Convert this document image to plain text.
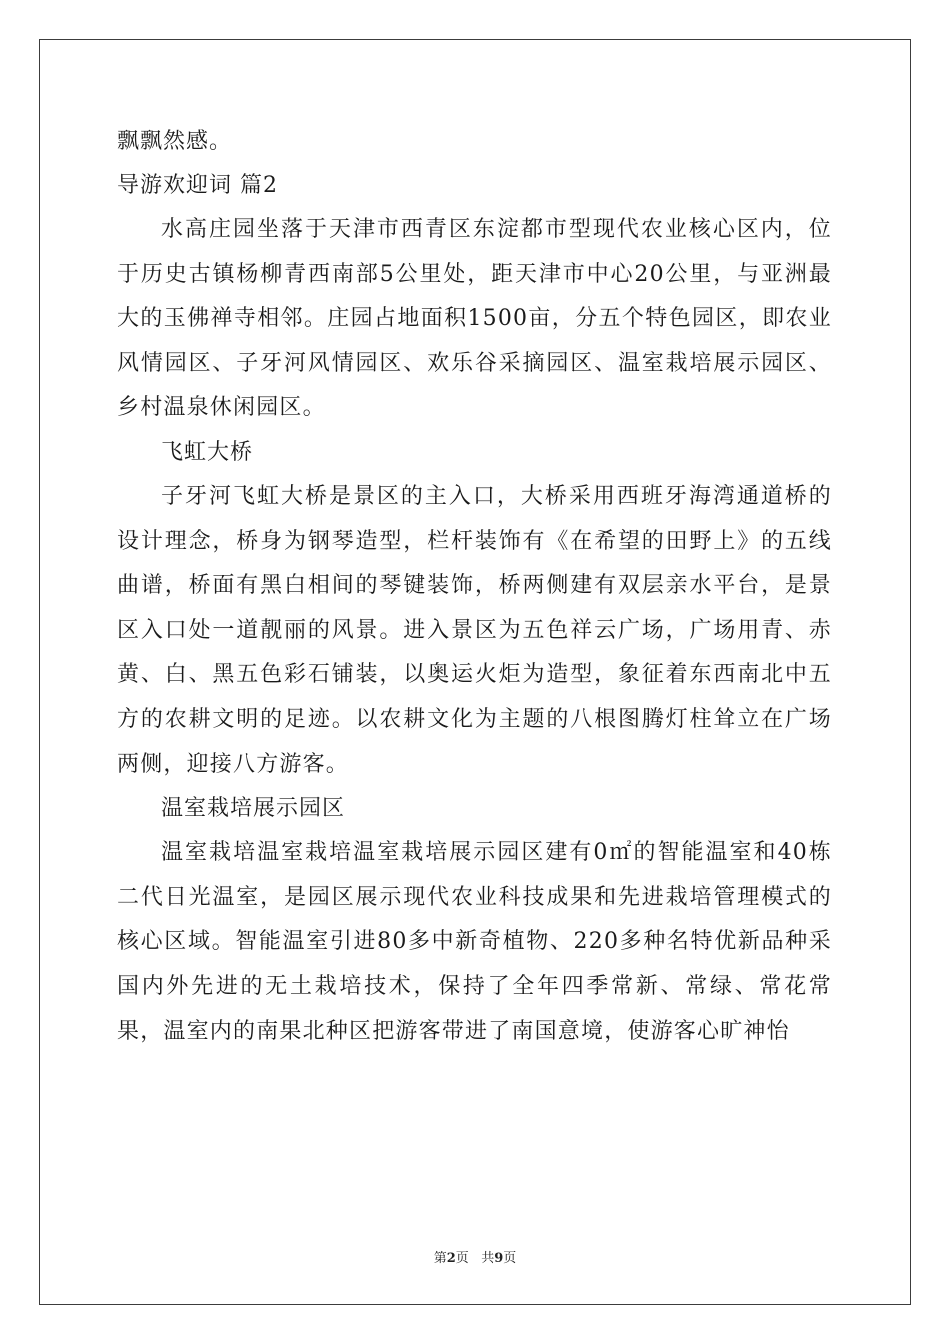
飘飘然感。
导游欢迎词 篇2

水高庄园坐落于天津市西青区东淀都市型现代农业核心区内，位于历史古镇杨柳青西南部5公里处，距天津市中心20公里，与亚洲最大的玉佛禅寺相邻。庄园占地面积1500亩，分五个特色园区，即农业风情园区、子牙河风情园区、欢乐谷采摘园区、温室栽培展示园区、乡村温泉休闲园区。

飞虹大桥

子牙河飞虹大桥是景区的主入口，大桥采用西班牙海湾通道桥的设计理念，桥身为钢琴造型，栏杆装饰有《在希望的田野上》的五线曲谱，桥面有黑白相间的琴键装饰，桥两侧建有双层亲水平台，是景区入口处一道靓丽的风景。进入景区为五色祥云广场，广场用青、赤黄、白、黑五色彩石铺装，以奥运火炬为造型，象征着东西南北中五方的农耕文明的足迹。以农耕文化为主题的八根图腾灯柱耸立在广场两侧，迎接八方游客。

温室栽培展示园区

温室栽培温室栽培温室栽培展示园区建有0㎡的智能温室和40栋二代日光温室，是园区展示现代农业科技成果和先进栽培管理模式的核心区域。智能温室引进80多中新奇植物、220多种名特优新品种采国内外先进的无土栽培技术，保持了全年四季常新、常绿、常花常果，温室内的南果北种区把游客带进了南国意境，使游客心旷神怡

第2页 共9页
